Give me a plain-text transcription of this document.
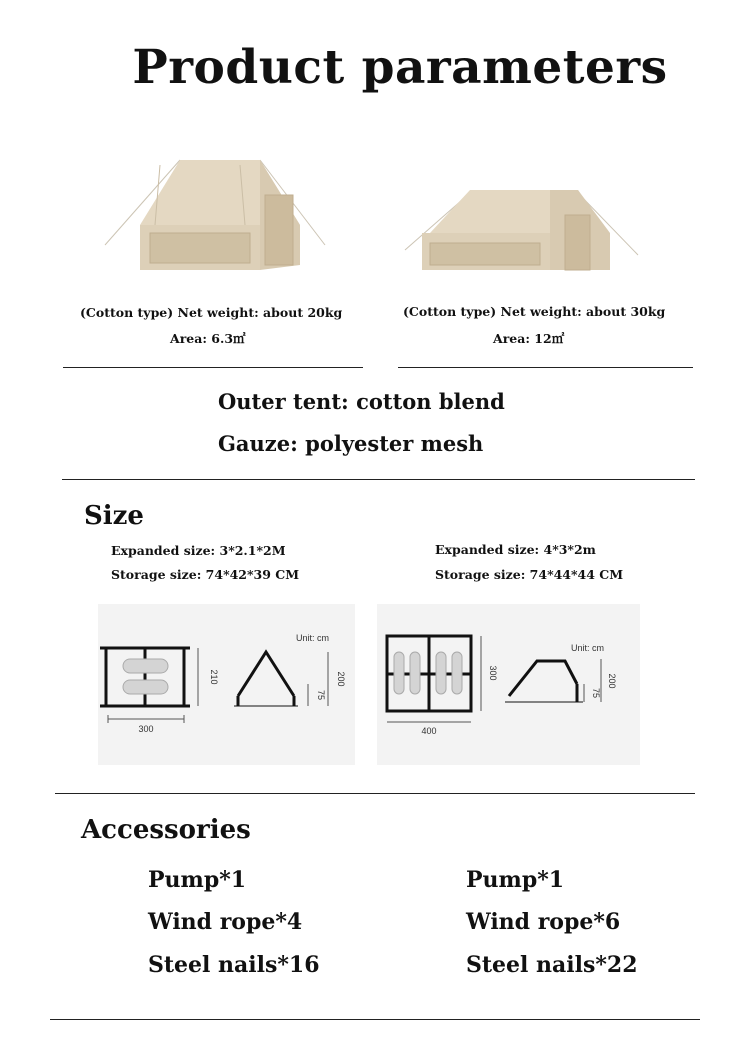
Product parameters
(Cotton type) Net weight: about 20kg
Area: 6.3㎡
(Cotton type) Net weight: about 30kg
Area: 12㎡
Outer tent: cotton blend
Gauze: polyester mesh
Size
Expanded size: 3*2.1*2M
Storage size: 74*42*39 CM
Expanded size: 4*3*2m
Storage size: 74*44*44 CM
300
210
Unit: cm
200
75
400
300
Unit: cm
200
75
Accessories
Pump*1
Wind rope*4
Steel nails*16
Pump*1
Wind rope*6
Steel nails*22
